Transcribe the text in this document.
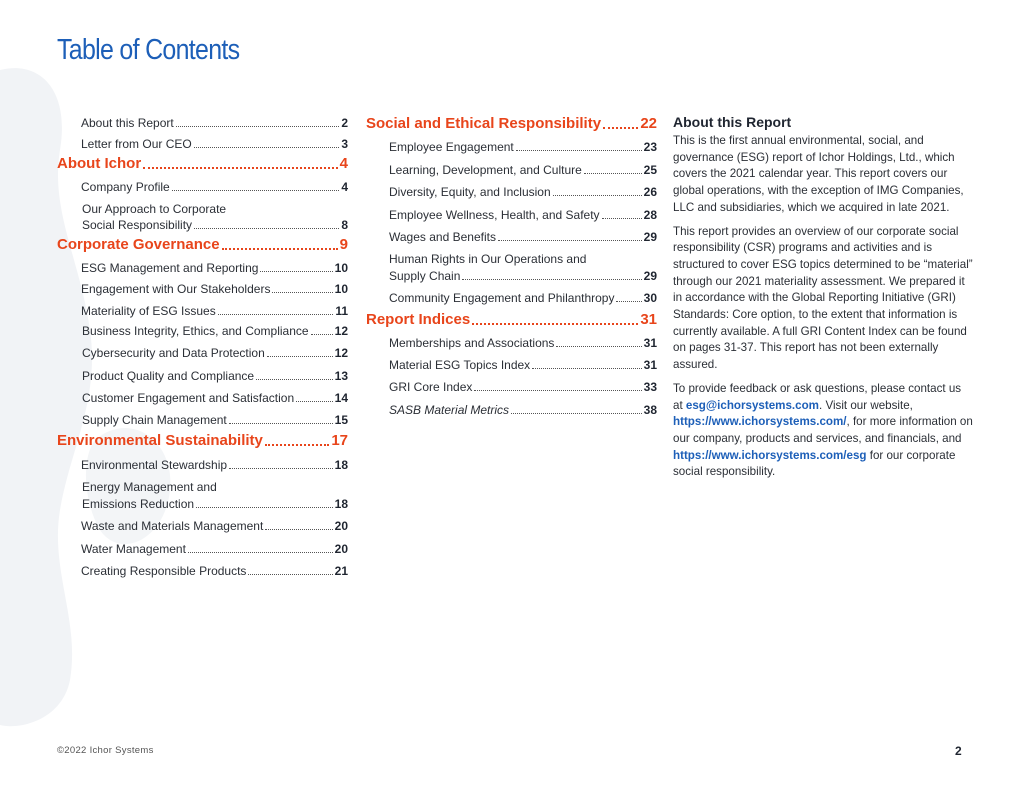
Table of Contents
About this Report	2
Letter from Our CEO	3
About Ichor	4
Company Profile	4
Our Approach to Corporate
Social Responsibility	8
Corporate Governance	9
ESG Management and Reporting	10
Engagement with Our Stakeholders	10
Materiality of ESG Issues	11
Business Integrity, Ethics, and Compliance 12
Cybersecurity and Data Protection	12
Product Quality and Compliance	13
Customer Engagement and Satisfaction	14
Supply Chain Management	15
Environmental Sustainability	17
Environmental Stewardship	18
Energy Management and
Emissions Reduction	18
Waste and Materials Management	20
Water Management	20
Creating Responsible Products	21
Social and Ethical Responsibility	22
Employee Engagement	23
Learning, Development, and Culture	25
Diversity, Equity, and Inclusion	26
Employee Wellness, Health, and Safety	28
Wages and Benefits	29
Human Rights in Our Operations and
Supply Chain	29
Community Engagement and Philanthropy 30
Report Indices	31
Memberships and Associations	31
Material ESG Topics Index	31
GRI Core Index	33
SASB Material Metrics	38
About this Report

This is the first annual environmental, social, and governance (ESG) report of Ichor Holdings, Ltd., which covers the 2021 calendar year. This report covers our global operations, with the exception of IMG Companies, LLC and subsidiaries, which we acquired in late 2021.

This report provides an overview of our corporate social responsibility (CSR) programs and activities and is structured to cover ESG topics determined to be “material” through our 2021 materiality assessment. We prepared it in accordance with the Global Reporting Initiative (GRI) Standards: Core option, to the extent that information is currently available. A full GRI Content Index can be found on pages 31-37. This report has not been externally assured.

To provide feedback or ask questions, please contact us at esg@ichorsystems.com. Visit our website, https://www.ichorsystems.com/, for more information on our company, products and services, and financials, and https://www.ichorsystems.com/esg for our corporate social responsibility.

©2022 Ichor Systems	2
